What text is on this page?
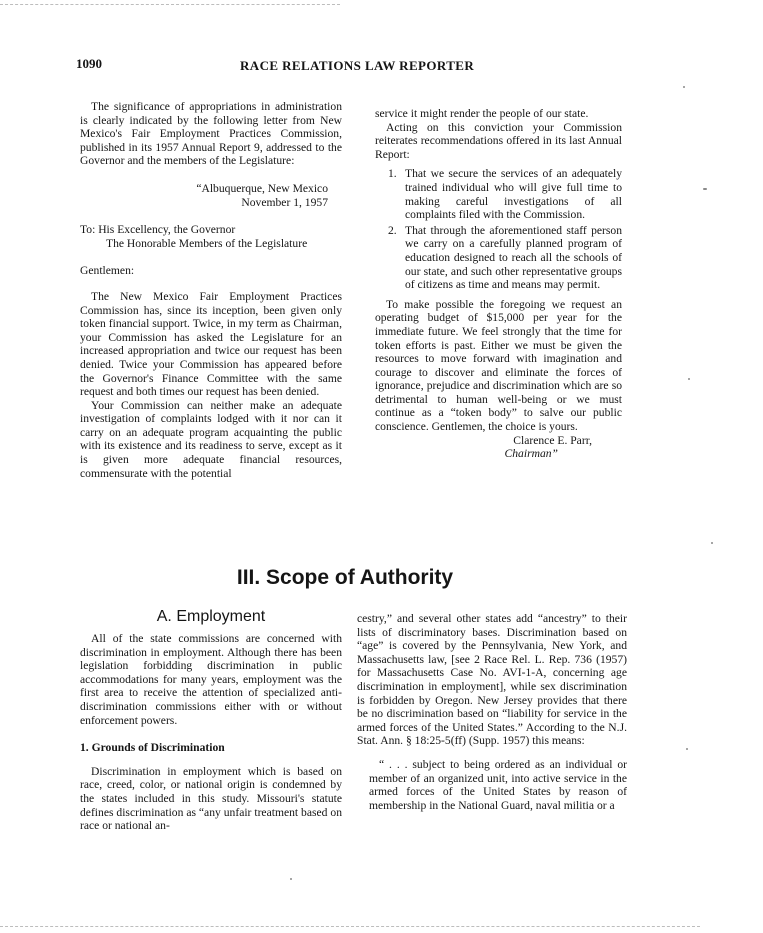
1090	RACE RELATIONS LAW REPORTER

The significance of appropriations in administration is clearly indicated by the following letter from New Mexico's Fair Employment Practices Commission, published in its 1957 Annual Report 9, addressed to the Governor and the members of the Legislature:

“Albuquerque, New Mexico

November 1, 1957

To: His Excellency, the Governor
The Honorable Members of the Legislature

Gentlemen:

The New Mexico Fair Employment Practices Commission has, since its inception, been given only token financial support. Twice, in my term as Chairman, your Commission has asked the Legislature for an increased appropriation and twice our request has been denied. Twice your Commission has appeared before the Governor's Finance Committee with the same request and both times our request has been denied.

Your Commission can neither make an adequate investigation of complaints lodged with it nor can it carry on an adequate program acquainting the public with its existence and its readiness to serve, except as it is given more adequate financial resources, commensurate with the potential

service it might render the people of our state.

Acting on this conviction your Commission reiterates recommendations offered in its last Annual Report:

1. That we secure the services of an adequately trained individual who will give full time to making careful investigations of all complaints filed with the Commission.
2. That through the aforementioned staff person we carry on a carefully planned program of education designed to reach all the schools of our state, and such other representative groups of citizens as time and means may permit.

To make possible the foregoing we request an operating budget of $15,000 per year for the immediate future. We feel strongly that the time for token efforts is past. Either we must be given the resources to move forward with imagination and courage to discover and eliminate the forces of ignorance, prejudice and discrimination which are so detrimental to human well-being or we must continue as a “token body” to salve our public conscience. Gentlemen, the choice is yours.

Clarence E. Parr,

Chairman”

III. Scope of Authority
A. Employment

All of the state commissions are concerned with discrimination in employment. Although there has been legislation forbidding discrimination in public accommodations for many years, employment was the first area to receive the attention of specialized anti-discrimination commissions either with or without enforcement powers.

1. Grounds of Discrimination

Discrimination in employment which is based on race, creed, color, or national origin is condemned by the states included in this study. Missouri's statute defines discrimination as “any unfair treatment based on race or national an-

cestry,” and several other states add “ancestry” to their lists of discriminatory bases. Discrimination based on “age” is covered by the Pennsylvania, New York, and Massachusetts law, [see 2 Race Rel. L. Rep. 736 (1957) for Massachusetts Case No. AVI-1-A, concerning age discrimination in employment], while sex discrimination is forbidden by Oregon. New Jersey provides that there be no discrimination based on “liability for service in the armed forces of the United States.” According to the N.J. Stat. Ann. § 18:25-5(ff) (Supp. 1957) this means:

“ . . . subject to being ordered as an individual or member of an organized unit, into active service in the armed forces of the United States by reason of membership in the National Guard, naval militia or a
